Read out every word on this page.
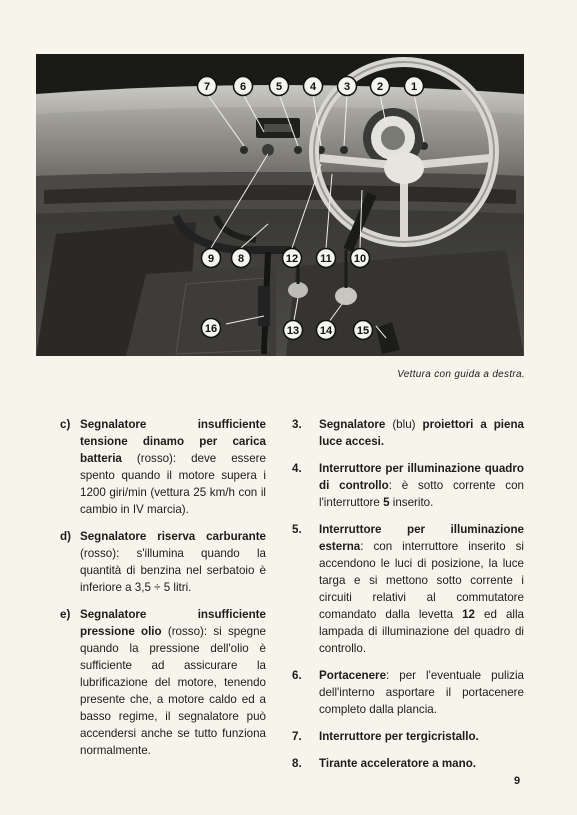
7	6	5	4	3 2	1
9 8	12 11 10
16	13 14 15
Vettura con guida a destra.
c) Segnalatore insufficiente tensione dinamo per carica batteria (rosso): deve essere spento quando il motore supera i 1200 giri/min (vettura 25 km/h con il cambio in IV marcia).
d) Segnalatore riserva carburante (rosso): s'illumina quando la quantità di benzina nel serbatoio è inferiore a 3,5 ÷ 5 litri.
e) Segnalatore insufficiente pressione olio (rosso): si spegne quando la pressione dell'olio è sufficiente ad assicurare la lubrificazione del motore, tenendo presente che, a motore caldo ed a basso regime, il segnalatore può accendersi anche se tutto funziona normalmente.
3.	Segnalatore (blu) proiettori a piena luce accesi.
4.	Interruttore per illuminazione quadro di controllo: è sotto corrente con l'interruttore 5 inserito.
5.	Interruttore per illuminazione esterna: con interruttore inserito si accendono le luci di posizione, la luce targa e si mettono sotto corrente i circuiti relativi al commutatore comandato dalla levetta 12 ed alla lampada di illuminazione del quadro di controllo.
6.	Portacenere: per l'eventuale pulizia dell'interno asportare il portacenere completo dalla plancia.
7.	Interruttore per tergicristallo.
8.	Tirante acceleratore a mano.
9
